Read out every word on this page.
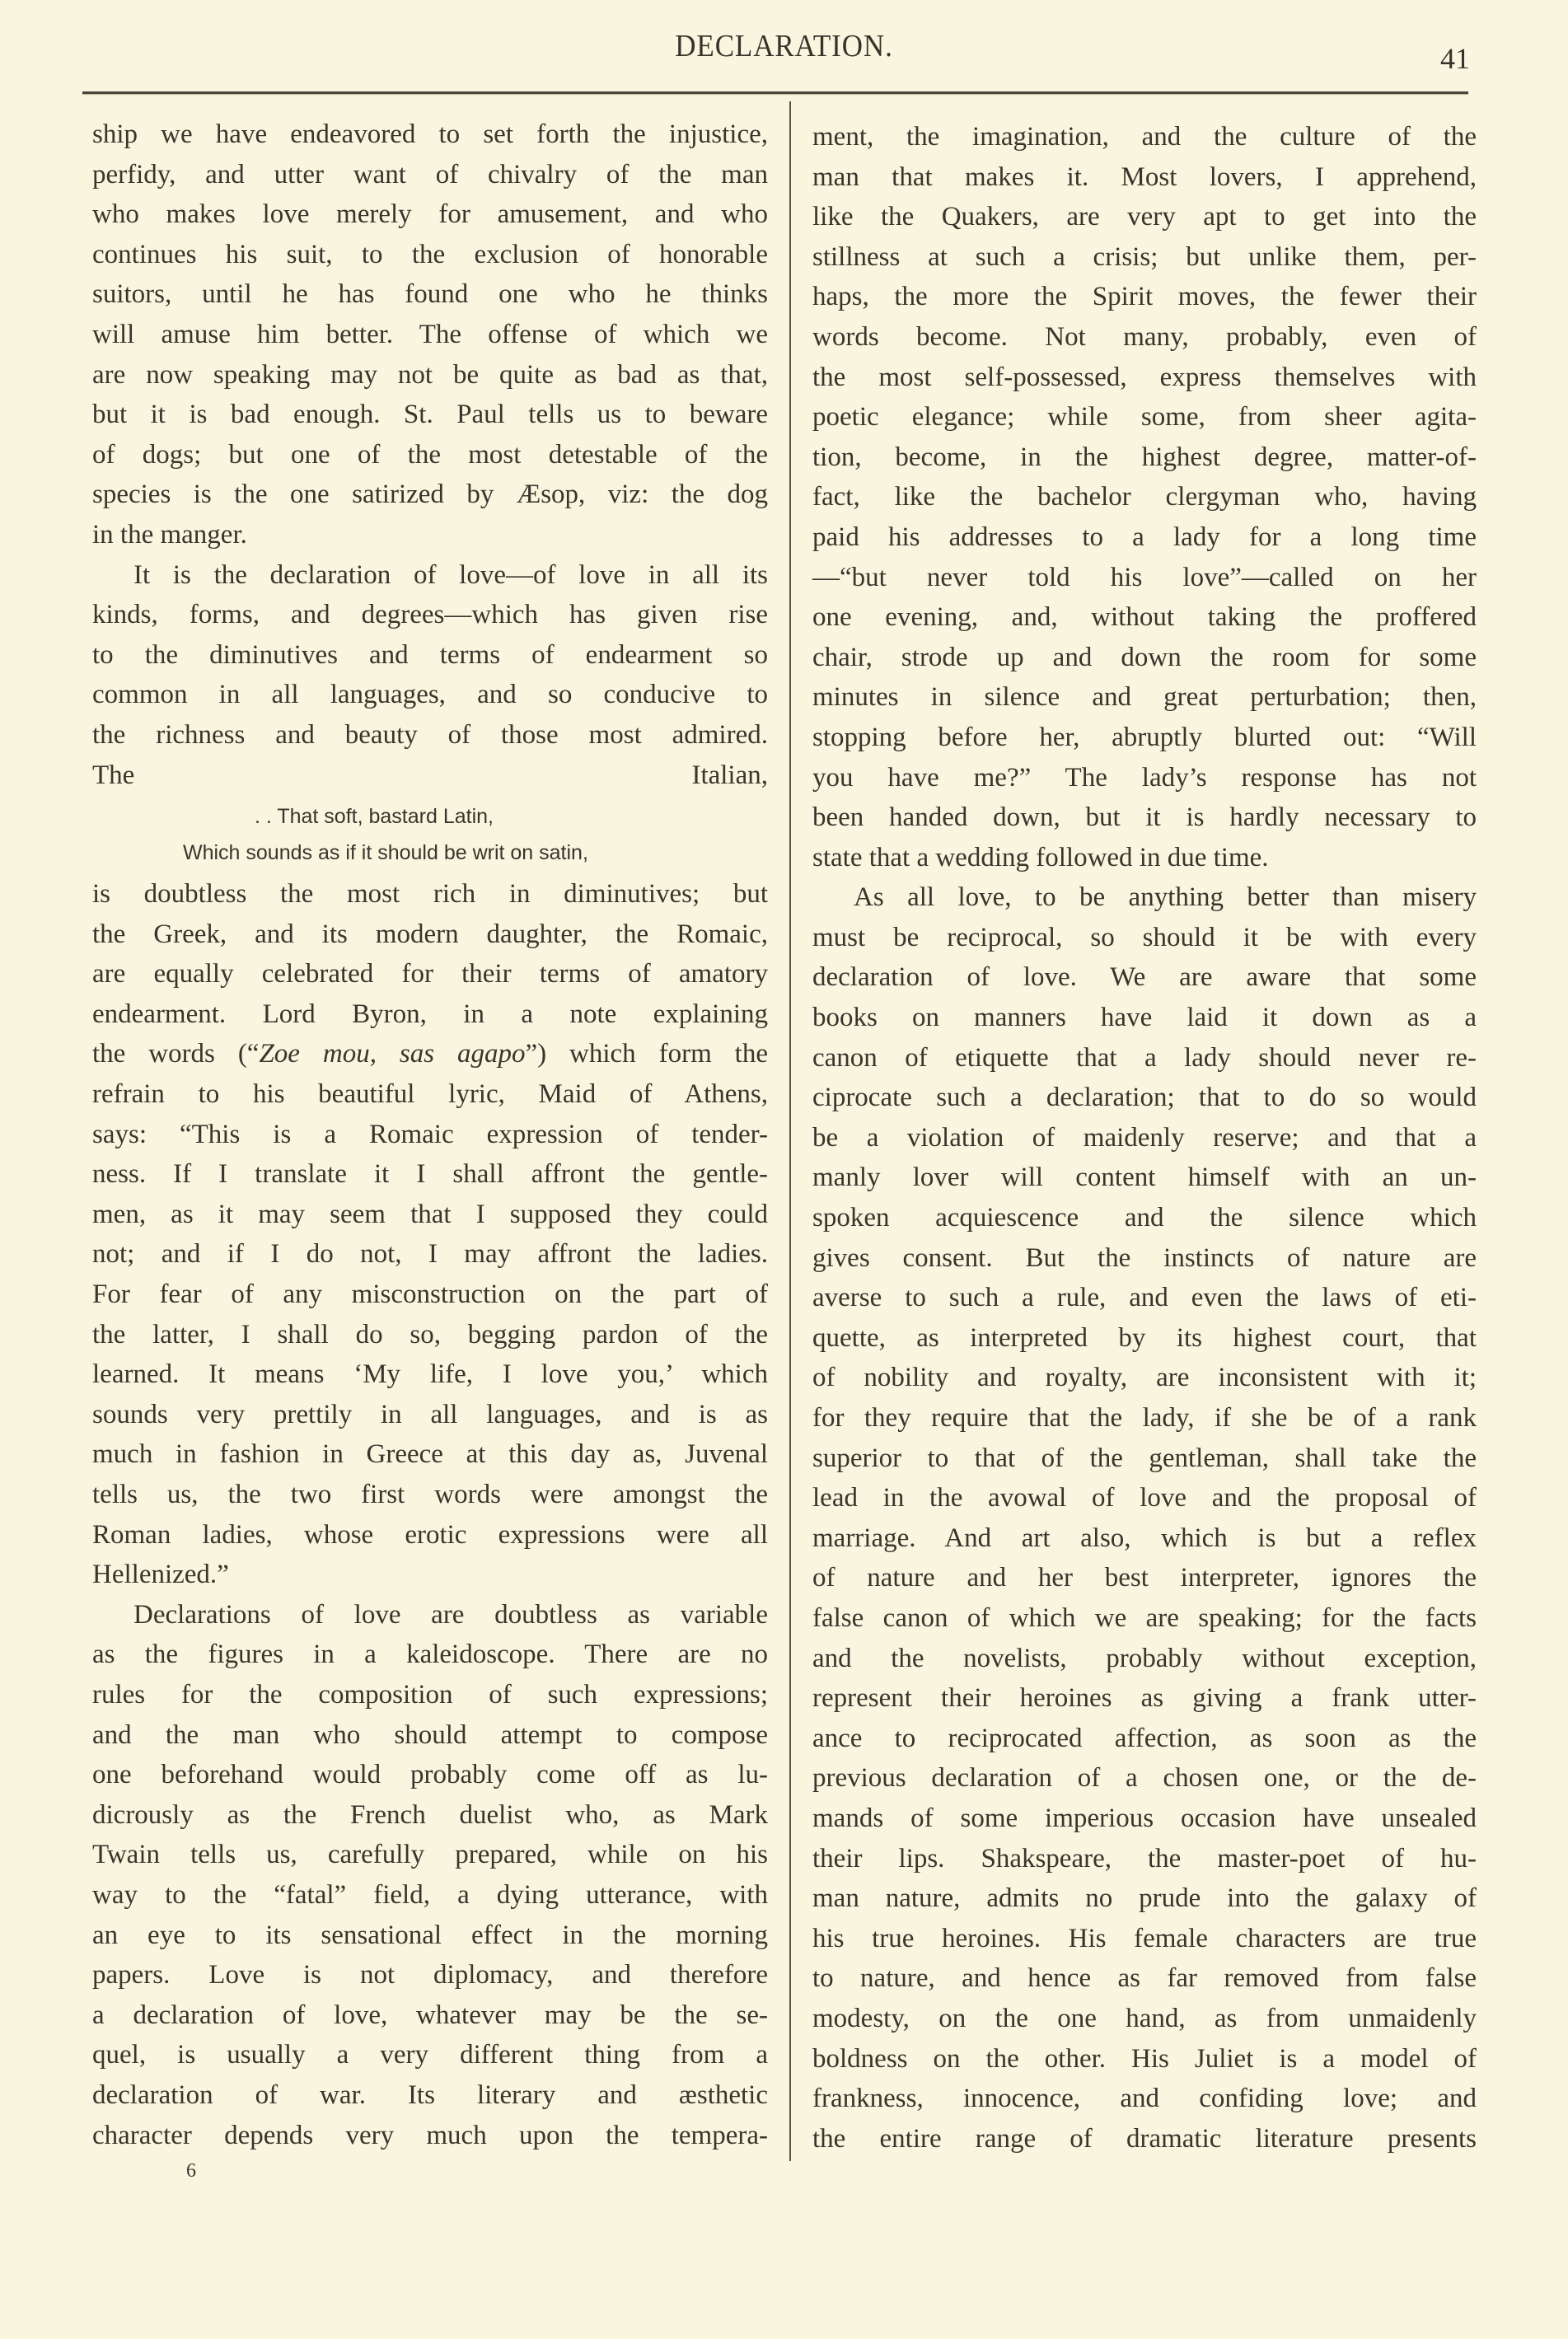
DECLARATION.	41
ship we have endeavored to set forth the injustice,
perfidy, and utter want of chivalry of the man
who makes love merely for amusement, and who
continues his suit, to the exclusion of honorable
suitors, until he has found one who he thinks
will amuse him better. The offense of which we
are now speaking may not be quite as bad as that,
but it is bad enough. St. Paul tells us to beware
of dogs; but one of the most detestable of the
species is the one satirized by Æsop, viz: the dog
in the manger.
It is the declaration of love—of love in all its
kinds, forms, and degrees—which has given rise
to the diminutives and terms of endearment so
common in all languages, and so conducive to
the richness and beauty of those most admired.
The Italian,
. . That soft, bastard Latin,
Which sounds as if it should be writ on satin,
is doubtless the most rich in diminutives; but
the Greek, and its modern daughter, the Romaic,
are equally celebrated for their terms of amatory
endearment. Lord Byron, in a note explaining
the words (“Zoe mou, sas agapo”) which form the
refrain to his beautiful lyric, Maid of Athens,
says: “This is a Romaic expression of tender-
ness. If I translate it I shall affront the gentle-
men, as it may seem that I supposed they could
not; and if I do not, I may affront the ladies.
For fear of any misconstruction on the part of
the latter, I shall do so, begging pardon of the
learned. It means ‘My life, I love you,’ which
sounds very prettily in all languages, and is as
much in fashion in Greece at this day as, Juvenal
tells us, the two first words were amongst the
Roman ladies, whose erotic expressions were all
Hellenized.”
Declarations of love are doubtless as variable
as the figures in a kaleidoscope. There are no
rules for the composition of such expressions;
and the man who should attempt to compose
one beforehand would probably come off as lu-
dicrously as the French duelist who, as Mark
Twain tells us, carefully prepared, while on his
way to the “fatal” field, a dying utterance, with
an eye to its sensational effect in the morning
papers. Love is not diplomacy, and therefore
a declaration of love, whatever may be the se-
quel, is usually a very different thing from a
declaration of war. Its literary and æsthetic
character depends very much upon the tempera-
ment, the imagination, and the culture of the
man that makes it. Most lovers, I apprehend,
like the Quakers, are very apt to get into the
stillness at such a crisis; but unlike them, per-
haps, the more the Spirit moves, the fewer their
words become. Not many, probably, even of
the most self-possessed, express themselves with
poetic elegance; while some, from sheer agita-
tion, become, in the highest degree, matter-of-
fact, like the bachelor clergyman who, having
paid his addresses to a lady for a long time
—“but never told his love”—called on her
one evening, and, without taking the proffered
chair, strode up and down the room for some
minutes in silence and great perturbation; then,
stopping before her, abruptly blurted out: “Will
you have me?” The lady’s response has not
been handed down, but it is hardly necessary to
state that a wedding followed in due time.
As all love, to be anything better than misery
must be reciprocal, so should it be with every
declaration of love. We are aware that some
books on manners have laid it down as a
canon of etiquette that a lady should never re-
ciprocate such a declaration; that to do so would
be a violation of maidenly reserve; and that a
manly lover will content himself with an un-
spoken acquiescence and the silence which
gives consent. But the instincts of nature are
averse to such a rule, and even the laws of eti-
quette, as interpreted by its highest court, that
of nobility and royalty, are inconsistent with it;
for they require that the lady, if she be of a rank
superior to that of the gentleman, shall take the
lead in the avowal of love and the proposal of
marriage. And art also, which is but a reflex
of nature and her best interpreter, ignores the
false canon of which we are speaking; for the facts
and the novelists, probably without exception,
represent their heroines as giving a frank utter-
ance to reciprocated affection, as soon as the
previous declaration of a chosen one, or the de-
mands of some imperious occasion have unsealed
their lips. Shakspeare, the master-poet of hu-
man nature, admits no prude into the galaxy of
his true heroines. His female characters are true
to nature, and hence as far removed from false
modesty, on the one hand, as from unmaidenly
boldness on the other. His Juliet is a model of
frankness, innocence, and confiding love; and
the entire range of dramatic literature presents
6
